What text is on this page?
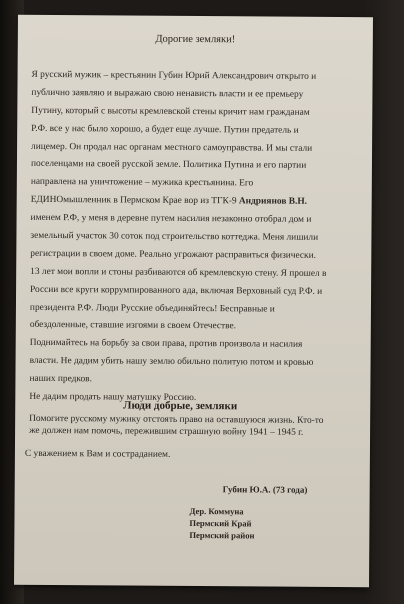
Дорогие земляки!
Я русский мужик – крестьянин Губин Юрий Александрович открыто и
публично заявляю и выражаю свою ненависть власти и ее премьеру
Путину, который с высоты кремлевской стены кричит нам гражданам
Р.Ф. все у нас было хорошо, а будет еще лучше. Путин предатель и
лицемер. Он продал нас органам местного самоуправства. И мы стали
поселенцами на своей русской земле. Политика Путина и его партии
направлена на уничтожение – мужика крестьянина. Его
ЕДИНОмышленник в Пермском Крае вор из ТГК-9 Андриянов В.Н.
именем Р.Ф, у меня в деревне путем насилия незаконно отобрал дом и
земельный участок 30 соток под строительство коттеджа. Меня лишили
регистрации в своем доме. Реально угрожают расправиться физически.
13 лет мои вопли и стоны разбиваются об кремлевскую стену. Я прошел в
России все круги коррумпированного ада, включая Верховный суд Р.Ф. и
президента Р.Ф. Люди Русские объединяйтесь! Бесправные и
обездоленные, ставшие изгоями в своем Отечестве.
Поднимайтесь на борьбу за свои права, против произвола и насилия
власти. Не дадим убить нашу землю обильно политую потом и кровью
наших предков.
Не дадим продать нашу матушку Россию.
Люди добрые, земляки
Помогите русскому мужику отстоять право на оставшуюся жизнь. Кто-то
же должен нам помочь, пережившим страшную войну 1941 – 1945 г.
С уважением к Вам и состраданием.
Губин Ю.А. (73 года)
Дер. Коммуна
Пермский Край
Пермский район
